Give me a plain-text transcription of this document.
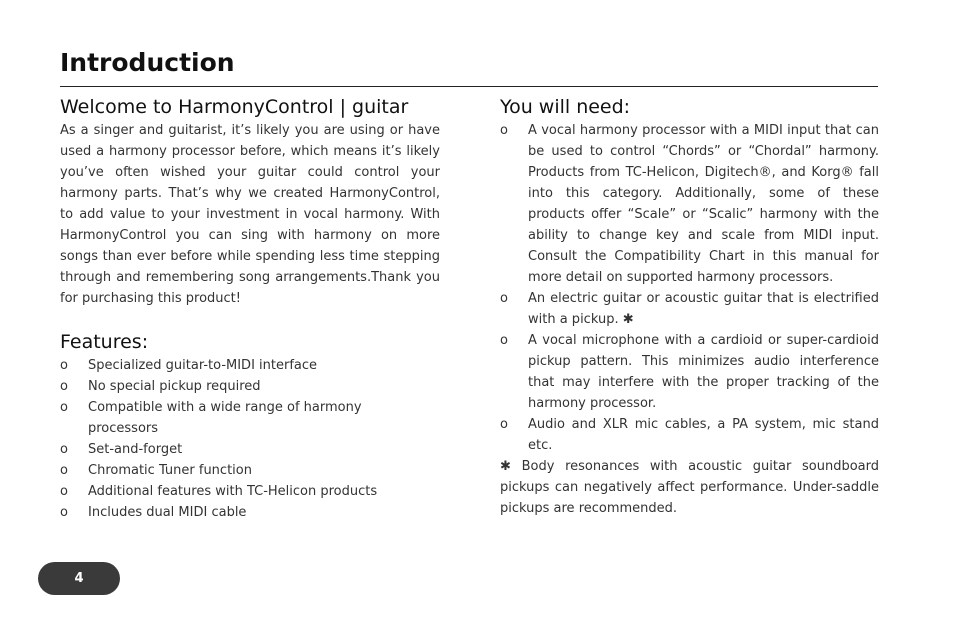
Introduction
Welcome to HarmonyControl | guitar

As a singer and guitarist, it’s likely you are using or have used a harmony processor before, which means it’s likely you’ve often wished your guitar could control your harmony parts. That’s why we created HarmonyControl, to add value to your investment in vocal harmony. With HarmonyControl you can sing with harmony on more songs than ever before while spending less time stepping through and remembering song arrangements.Thank you for purchasing this product!

Features:
o	Specialized guitar-to-MIDI interface
o	No special pickup required
o	Compatible with a wide range of harmony processors
o	Set-and-forget
o	Chromatic Tuner function
o	Additional features with TC-Helicon products
o	Includes dual MIDI cable
You will need:
o	A vocal harmony processor with a MIDI input that can be used to control “Chords” or “Chordal” harmony. Products from TC-Helicon, Digitech®, and Korg® fall into this category. Additionally, some of these products offer “Scale” or “Scalic” harmony with the ability to change key and scale from MIDI input. Consult the Compatibility Chart in this manual for more detail on supported harmony processors.
o	An electric guitar or acoustic guitar that is electrified with a pickup. ✱
o	A vocal microphone with a cardioid or super-cardioid pickup pattern. This minimizes audio interference that may interfere with the proper tracking of the harmony processor.
o	Audio and XLR mic cables, a PA system, mic stand etc.

✱ Body resonances with acoustic guitar soundboard pickups can negatively affect performance. Under-saddle pickups are recommended.

4
